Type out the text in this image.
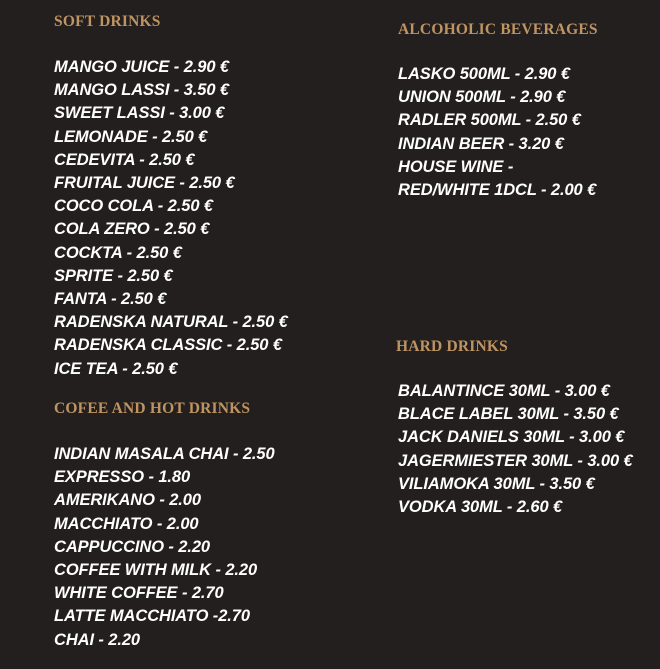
SOFT DRINKS
MANGO JUICE - 2.90 €
MANGO LASSI - 3.50 €
SWEET LASSI - 3.00 €
LEMONADE - 2.50 €
CEDEVITA - 2.50 €
FRUITAL JUICE - 2.50 €
COCO COLA - 2.50 €
COLA ZERO - 2.50 €
COCKTA - 2.50 €
SPRITE - 2.50 €
FANTA - 2.50 €
RADENSKA NATURAL - 2.50 €
RADENSKA CLASSIC - 2.50 €
ICE TEA - 2.50 €
COFEE AND HOT DRINKS
INDIAN MASALA CHAI - 2.50
EXPRESSO - 1.80
AMERIKANO - 2.00
MACCHIATO - 2.00
CAPPUCCINO - 2.20
COFFEE WITH MILK - 2.20
WHITE COFFEE - 2.70
LATTE MACCHIATO -2.70
CHAI - 2.20
ALCOHOLIC BEVERAGES
LASKO 500ML - 2.90 €
UNION 500ML - 2.90 €
RADLER 500ML - 2.50 €
INDIAN BEER - 3.20 €
HOUSE WINE - RED/WHITE 1DCL - 2.00 €
HARD DRINKS
BALANTINCE 30ML - 3.00 €
BLACE LABEL 30ML - 3.50 €
JACK DANIELS 30ML - 3.00 €
JAGERMIESTER 30ML - 3.00 €
VILIAMOKA 30ML - 3.50 €
VODKA 30ML - 2.60 €
